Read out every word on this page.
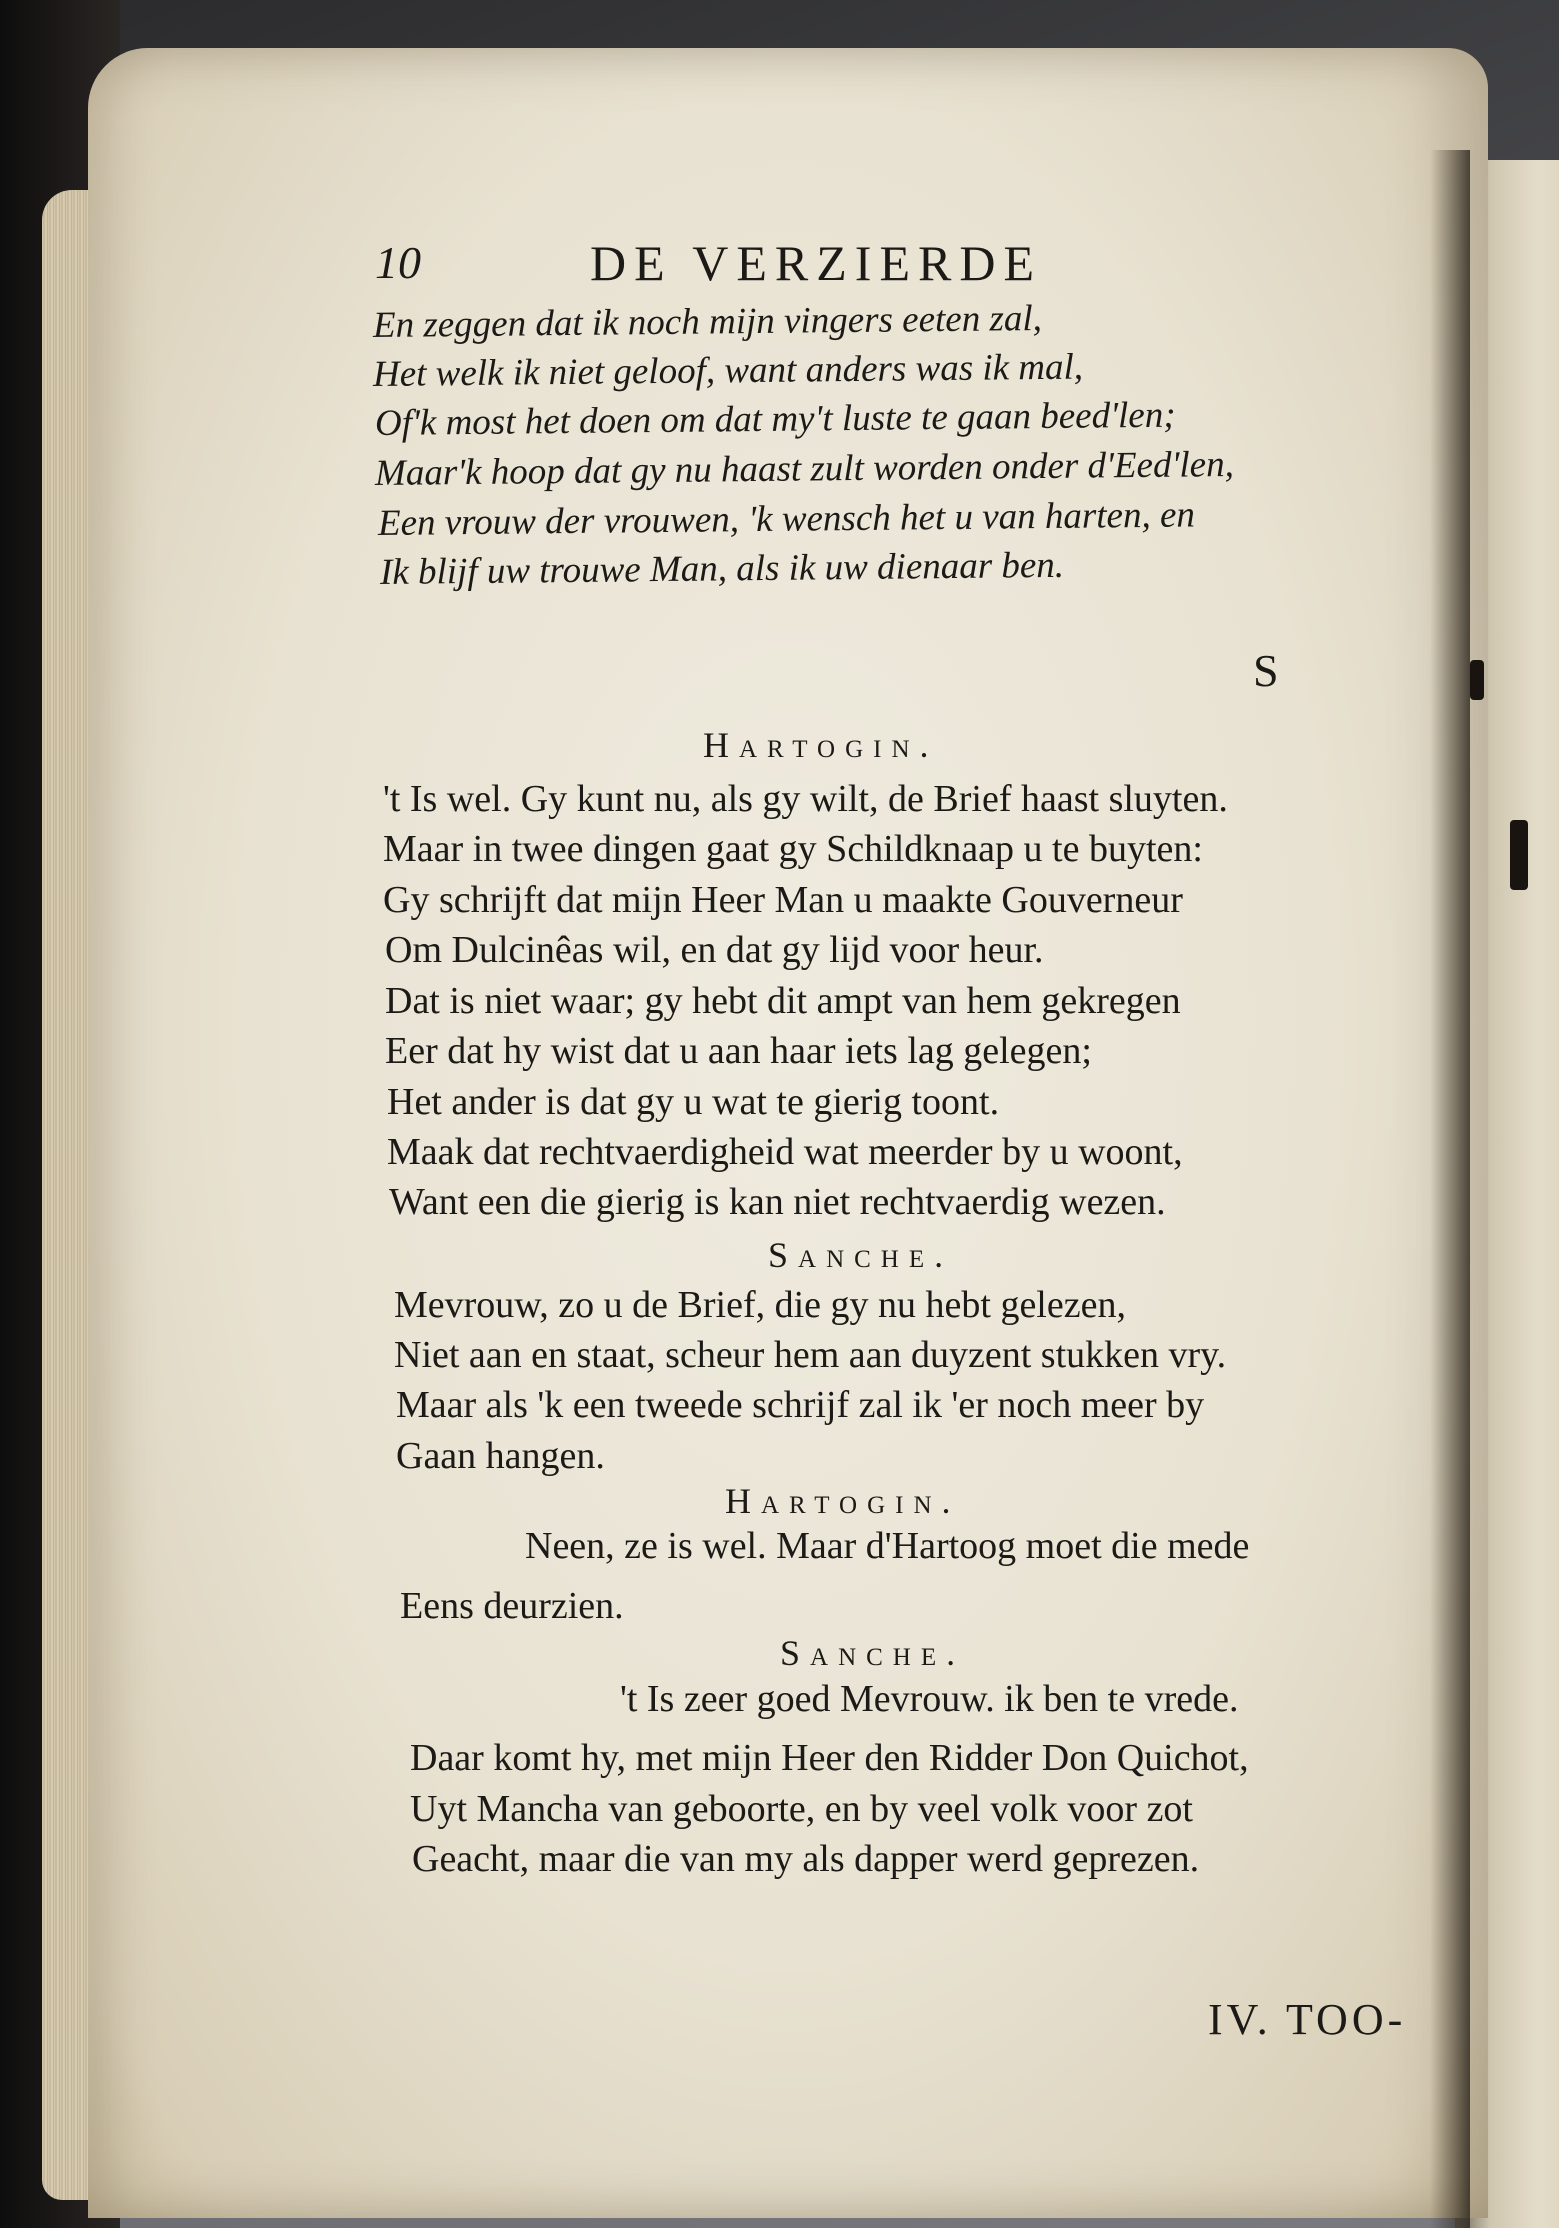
10	DE VERZIERDE
En zeggen dat ik noch mijn vingers eeten zal,
Het welk ik niet geloof, want anders was ik mal,
Of'k most het doen om dat my't luste te gaan beed'len;
Maar'k hoop dat gy nu haast zult worden onder d'Eed'len,
Een vrouw der vrouwen, 'k wensch het u van harten, en
Ik blijf uw trouwe Man, als ik uw dienaar ben.
S
Hartogin.
't Is wel. Gy kunt nu, als gy wilt, de Brief haast sluyten.
Maar in twee dingen gaat gy Schildknaap u te buyten:
Gy schrijft dat mijn Heer Man u maakte Gouverneur
Om Dulcinêas wil, en dat gy lijd voor heur.
Dat is niet waar; gy hebt dit ampt van hem gekregen
Eer dat hy wist dat u aan haar iets lag gelegen;
Het ander is dat gy u wat te gierig toont.
Maak dat rechtvaerdigheid wat meerder by u woont,
Want een die gierig is kan niet rechtvaerdig wezen.
Sanche.
Mevrouw, zo u de Brief, die gy nu hebt gelezen,
Niet aan en staat, scheur hem aan duyzent stukken vry.
Maar als 'k een tweede schrijf zal ik 'er noch meer by
Gaan hangen.
Hartogin.
Neen, ze is wel. Maar d'Hartoog moet die mede
Eens deurzien.
Sanche.
't Is zeer goed Mevrouw. ik ben te vrede.
Daar komt hy, met mijn Heer den Ridder Don Quichot,
Uyt Mancha van geboorte, en by veel volk voor zot
Geacht, maar die van my als dapper werd geprezen.
IV. TOO-
